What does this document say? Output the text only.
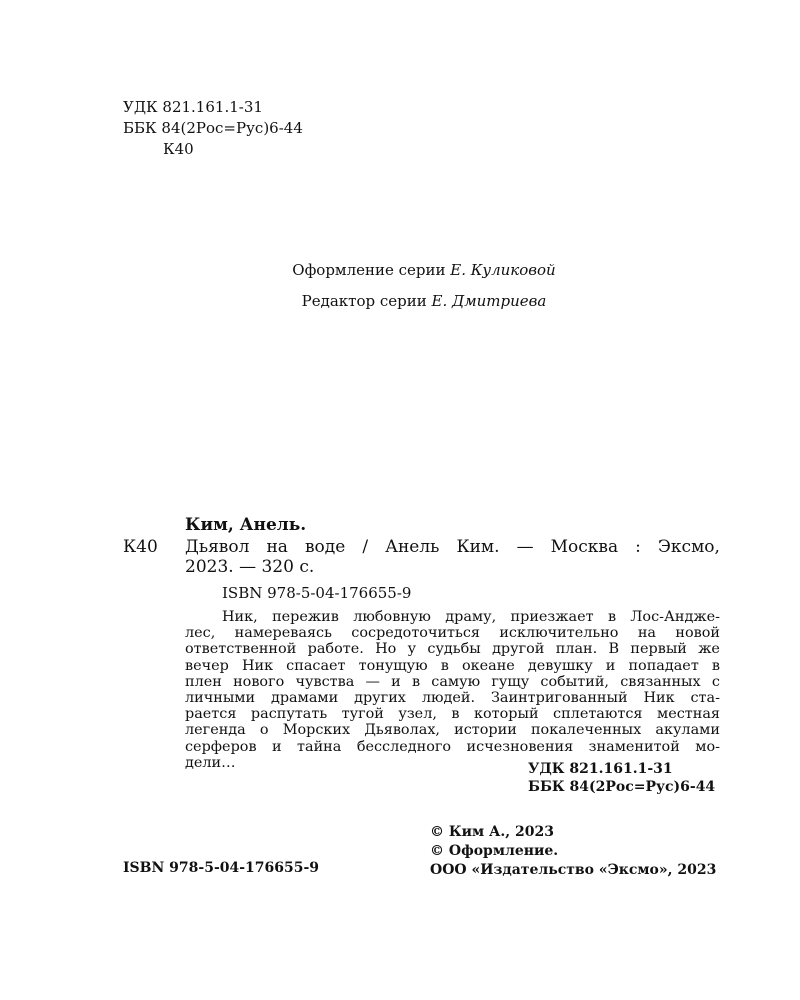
УДК 821.161.1-31
ББК 84(2Рос=Рус)6-44
К40
Оформление серии Е. Куликовой
Редактор серии Е. Дмитриева
Ким, Анель.
К40 Дьявол на воде / Анель Ким. — Москва : Эксмо,
2023. — 320 с.
ISBN 978-5-04-176655-9
Ник, пережив любовную драму, приезжает в Лос-Андже-
лес, намереваясь сосредоточиться исключительно на новой
ответственной работе. Но у судьбы другой план. В первый же
вечер Ник спасает тонущую в океане девушку и попадает в
плен нового чувства — и в самую гущу событий, связанных с
личными драмами других людей. Заинтригованный Ник ста-
рается распутать тугой узел, в который сплетаются местная
легенда о Морских Дьяволах, истории покалеченных акулами
серферов и тайна бесследного исчезновения знаменитой мо-
дели…	УДК 821.161.1-31
ББК 84(2Рос=Рус)6-44
© Ким А., 2023
© Оформление.
ООО «Издательство «Эксмо», 2023
ISBN 978-5-04-176655-9
